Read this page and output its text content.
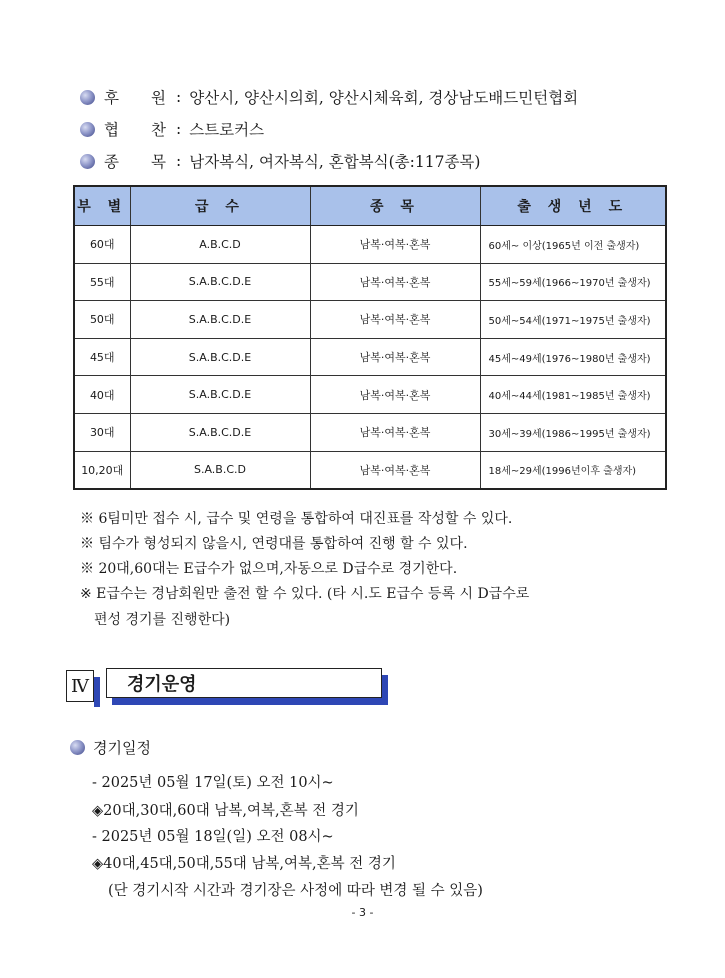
후 원 : 양산시, 양산시의회, 양산시체육회, 경상남도배드민턴협회
협 찬 : 스트로커스
종 목 : 남자복식, 여자복식, 혼합복식(총:117종목)
부 별	급 수	종 목	출 생 년 도
60대	A.B.C.D	남복·여복·혼복	60세~ 이상(1965년 이전 출생자)
55대	S.A.B.C.D.E	남복·여복·혼복	55세~59세(1966~1970년 출생자)
50대	S.A.B.C.D.E	남복·여복·혼복	50세~54세(1971~1975년 출생자)
45대	S.A.B.C.D.E	남복·여복·혼복	45세~49세(1976~1980년 출생자)
40대	S.A.B.C.D.E	남복·여복·혼복	40세~44세(1981~1985년 출생자)
30대	S.A.B.C.D.E	남복·여복·혼복	30세~39세(1986~1995년 출생자)
10,20대	S.A.B.C.D	남복·여복·혼복	18세~29세(1996년이후 출생자)
※ 6팀미만 접수 시, 급수 및 연령을 통합하여 대진표를 작성할 수 있다.
※ 팀수가 형성되지 않을시, 연령대를 통합하여 진행 할 수 있다.
※ 20대,60대는 E급수가 없으며,자동으로 D급수로 경기한다.
※ E급수는 경남회원만 출전 할 수 있다. (타 시.도 E급수 등록 시 D급수로
편성 경기를 진행한다)
Ⅳ	경기운영
경기일정
- 2025년 05월 17일(토) 오전 10시~
◈20대,30대,60대 남복,여복,혼복 전 경기
- 2025년 05월 18일(일) 오전 08시~
◈40대,45대,50대,55대 남복,여복,혼복 전 경기
(단 경기시작 시간과 경기장은 사정에 따라 변경 될 수 있음)
- 3 -
